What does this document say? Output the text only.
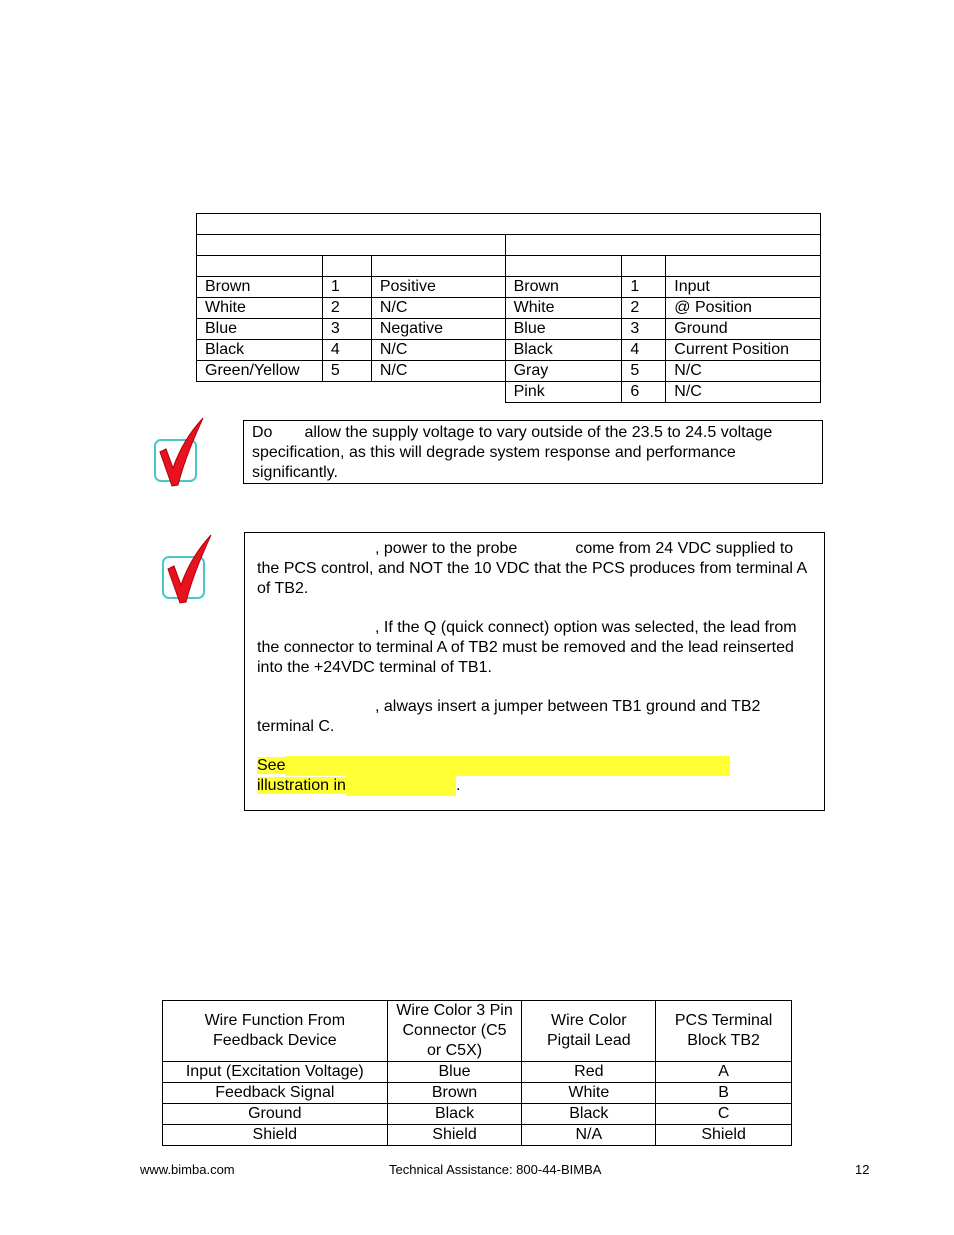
Brown	1	Positive	Brown	1	Input
White	2	N/C	White	2	@ Position
Blue	3	Negative	Blue	3	Ground
Black	4	N/C	Black	4	Current Position
Green/Yellow	5	N/C	Gray	5	N/C
			Pink	6	N/C
Do allow the supply voltage to vary outside of the 23.5 to 24.5 voltage specification, as this will degrade system response and performance significantly.

, power to the probe	come from 24 VDC supplied to the PCS control, and NOT the 10 VDC that the PCS produces from terminal A of TB2.

, If the Q (quick connect) option was selected, the lead from the connector to terminal A of TB2 must be removed and the lead reinserted into the +24VDC terminal of TB1.

, always insert a jumper between TB1 ground and TB2 terminal C.

See
illustration in	.

Wire Function From Feedback Device	Wire Color 3 Pin Connector (C5 or C5X)	Wire Color Pigtail Lead	PCS Terminal Block TB2
Input (Excitation Voltage)	Blue	Red	A
Feedback Signal	Brown	White	B
Ground	Black	Black	C
Shield	Shield	N/A	Shield
www.bimba.com	Technical Assistance: 800-44-BIMBA	12
